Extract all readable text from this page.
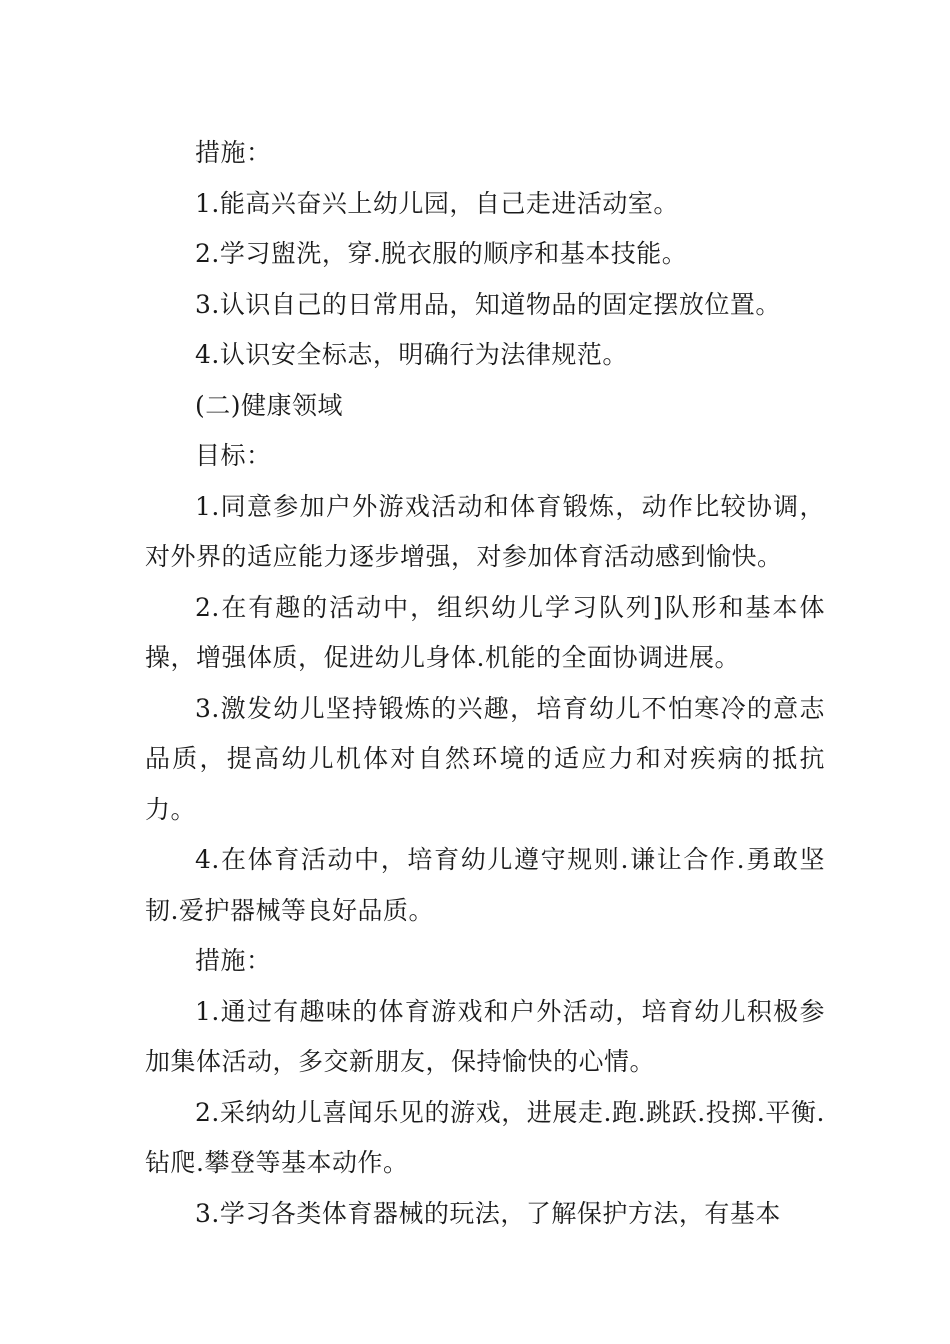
措施：

1.能高兴奋兴上幼儿园，自己走进活动室。

2.学习盥洗，穿.脱衣服的顺序和基本技能。

3.认识自己的日常用品，知道物品的固定摆放位置。

4.认识安全标志，明确行为法律规范。

(二)健康领域

目标：

1.同意参加户外游戏活动和体育锻炼，动作比较协调，对外界的适应能力逐步增强，对参加体育活动感到愉快。

2.在有趣的活动中，组织幼儿学习队列]队形和基本体操，增强体质，促进幼儿身体.机能的全面协调进展。

3.激发幼儿坚持锻炼的兴趣，培育幼儿不怕寒冷的意志品质，提高幼儿机体对自然环境的适应力和对疾病的抵抗力。

4.在体育活动中，培育幼儿遵守规则.谦让合作.勇敢坚韧.爱护器械等良好品质。

措施：

1.通过有趣味的体育游戏和户外活动，培育幼儿积极参加集体活动，多交新朋友，保持愉快的心情。

2.采纳幼儿喜闻乐见的游戏，进展走.跑.跳跃.投掷.平衡.钻爬.攀登等基本动作。

3.学习各类体育器械的玩法，了解保护方法，有基本
